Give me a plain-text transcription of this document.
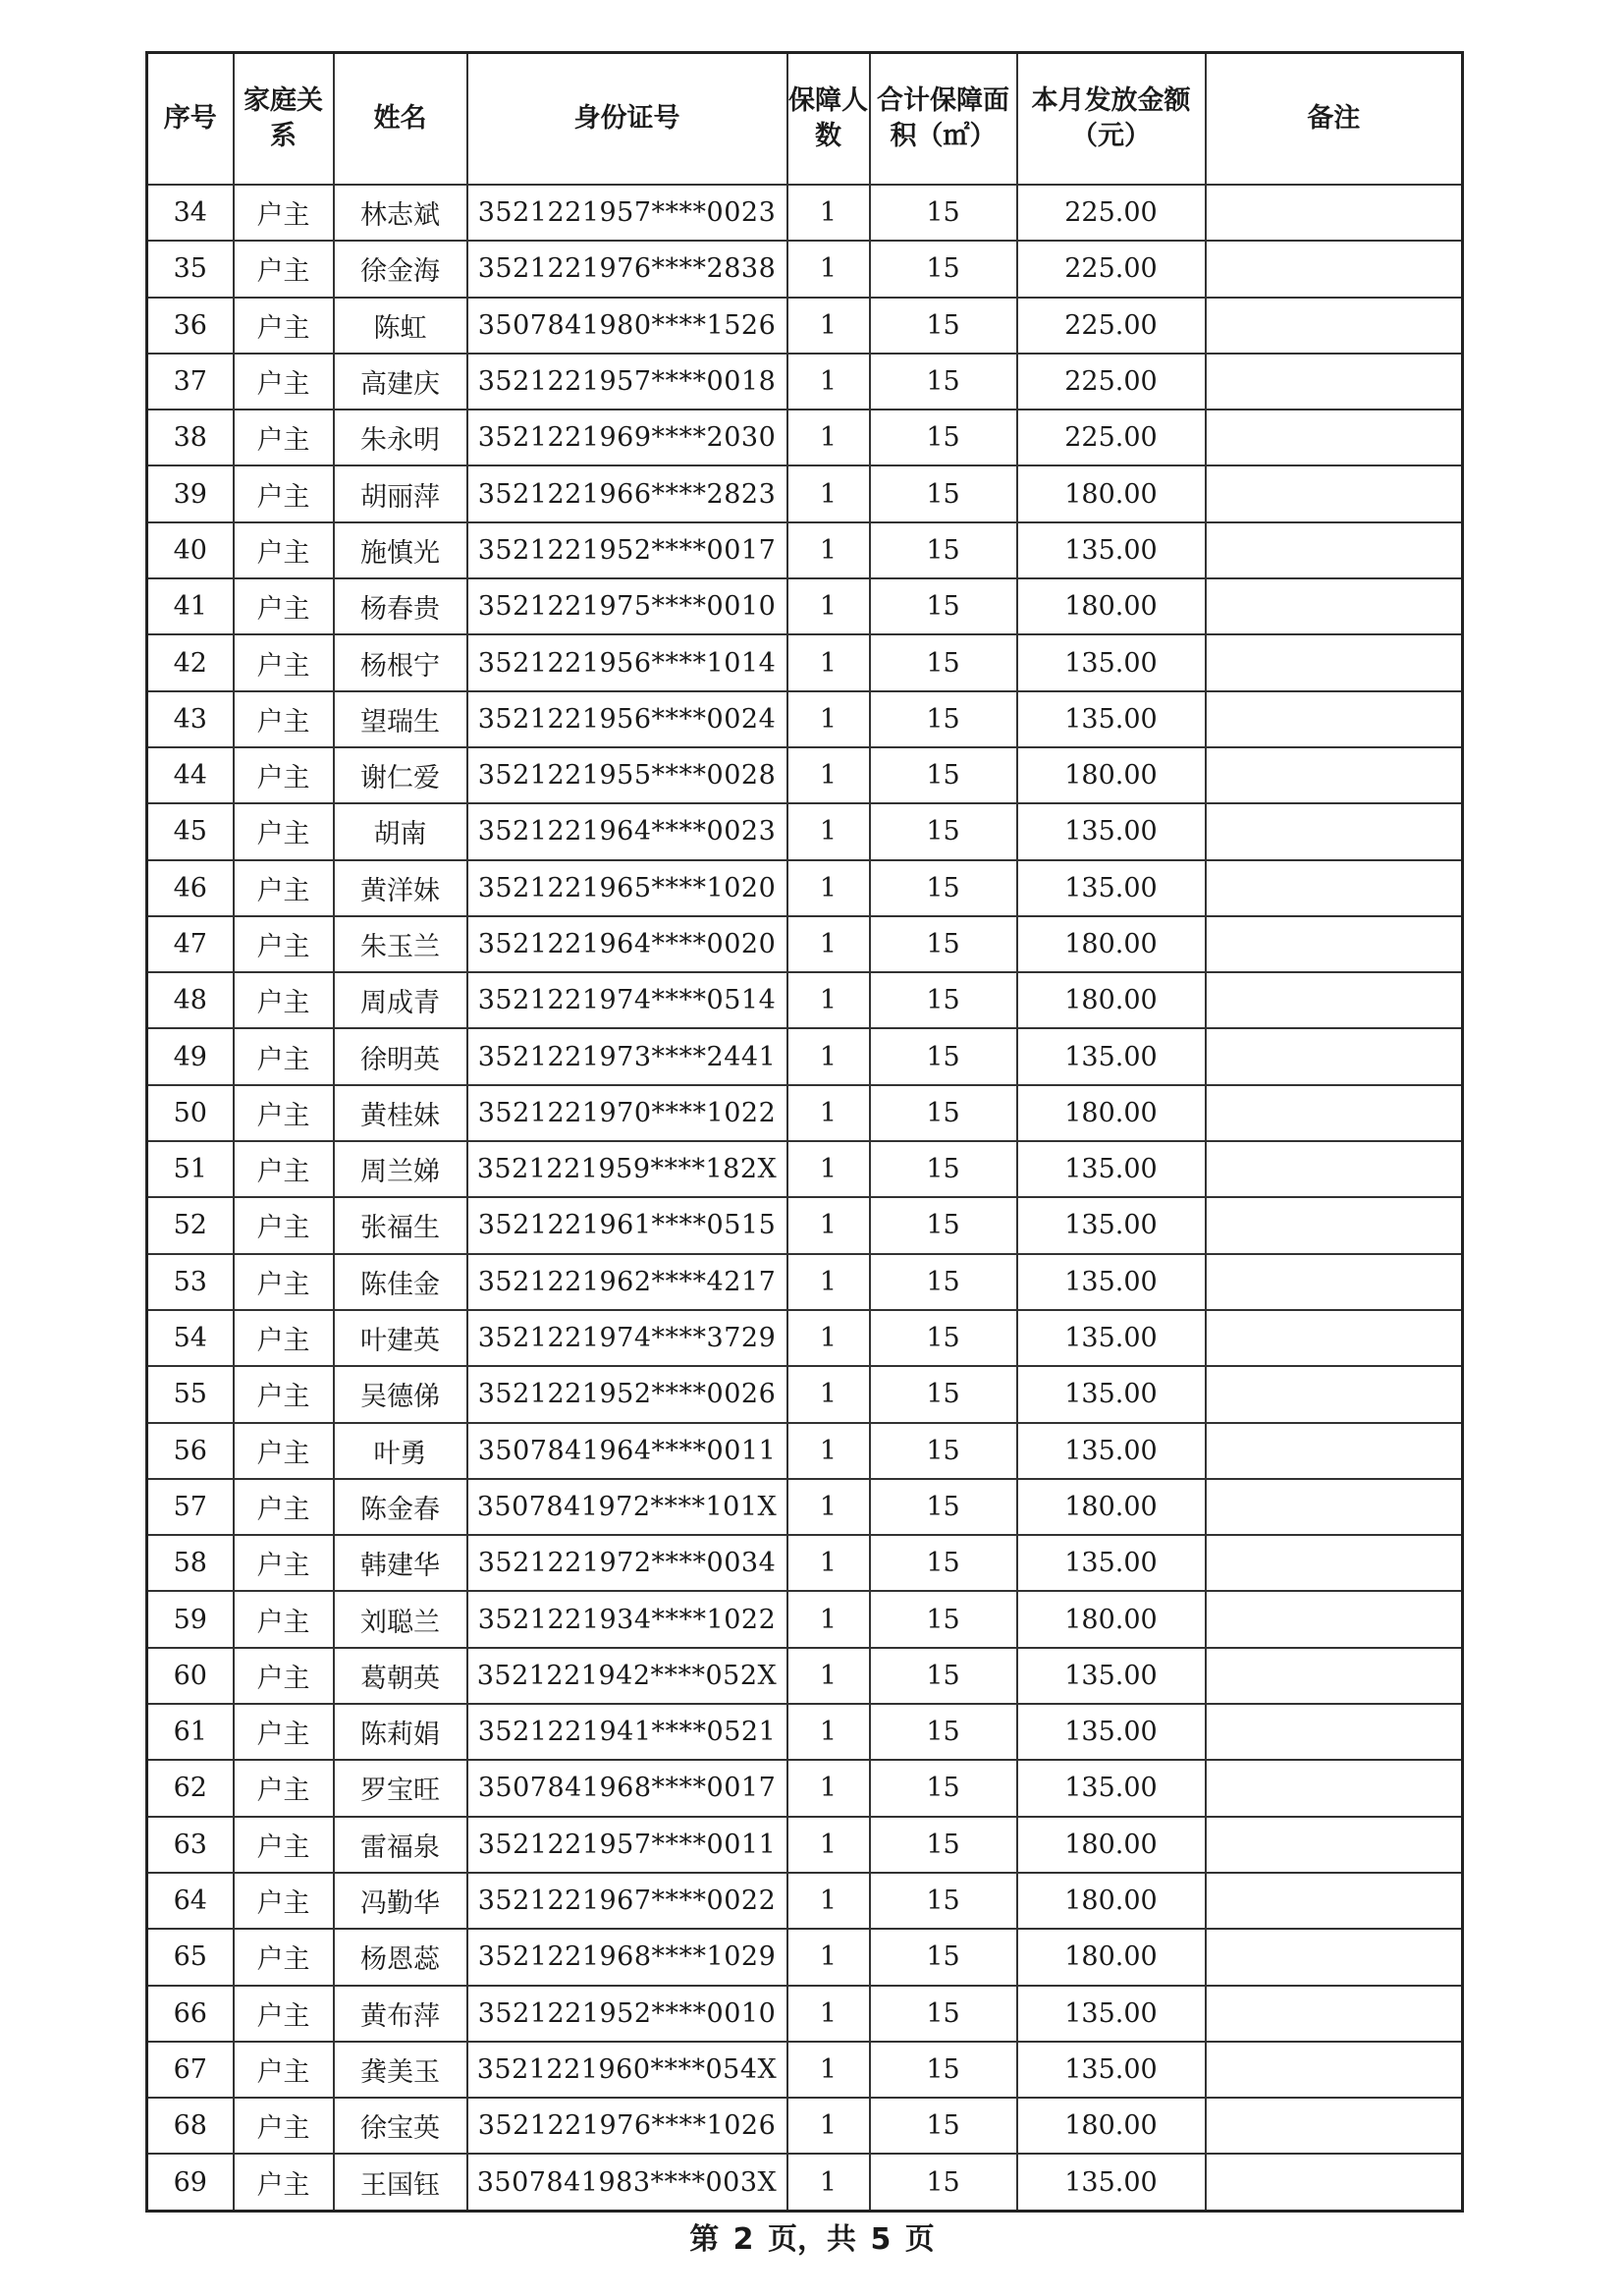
序号	家庭关系	姓名	身份证号	保障人数	合计保障面积（㎡）	本月发放金额（元）	备注
34	户主	林志斌	3521221957****0023	1	15	225.00	
35	户主	徐金海	3521221976****2838	1	15	225.00	
36	户主	陈虹	3507841980****1526	1	15	225.00	
37	户主	高建庆	3521221957****0018	1	15	225.00	
38	户主	朱永明	3521221969****2030	1	15	225.00	
39	户主	胡丽萍	3521221966****2823	1	15	180.00	
40	户主	施慎光	3521221952****0017	1	15	135.00	
41	户主	杨春贵	3521221975****0010	1	15	180.00	
42	户主	杨根宁	3521221956****1014	1	15	135.00	
43	户主	望瑞生	3521221956****0024	1	15	135.00	
44	户主	谢仁爱	3521221955****0028	1	15	180.00	
45	户主	胡南	3521221964****0023	1	15	135.00	
46	户主	黄洋妹	3521221965****1020	1	15	135.00	
47	户主	朱玉兰	3521221964****0020	1	15	180.00	
48	户主	周成青	3521221974****0514	1	15	180.00	
49	户主	徐明英	3521221973****2441	1	15	135.00	
50	户主	黄桂妹	3521221970****1022	1	15	180.00	
51	户主	周兰娣	3521221959****182X	1	15	135.00	
52	户主	张福生	3521221961****0515	1	15	135.00	
53	户主	陈佳金	3521221962****4217	1	15	135.00	
54	户主	叶建英	3521221974****3729	1	15	135.00	
55	户主	吴德俤	3521221952****0026	1	15	135.00	
56	户主	叶勇	3507841964****0011	1	15	135.00	
57	户主	陈金春	3507841972****101X	1	15	180.00	
58	户主	韩建华	3521221972****0034	1	15	135.00	
59	户主	刘聪兰	3521221934****1022	1	15	180.00	
60	户主	葛朝英	3521221942****052X	1	15	135.00	
61	户主	陈莉娟	3521221941****0521	1	15	135.00	
62	户主	罗宝旺	3507841968****0017	1	15	135.00	
63	户主	雷福泉	3521221957****0011	1	15	180.00	
64	户主	冯勤华	3521221967****0022	1	15	180.00	
65	户主	杨恩蕊	3521221968****1029	1	15	180.00	
66	户主	黄布萍	3521221952****0010	1	15	135.00	
67	户主	龚美玉	3521221960****054X	1	15	135.00	
68	户主	徐宝英	3521221976****1026	1	15	180.00	
69	户主	王国钰	3507841983****003X	1	15	135.00	
第 2 页，共 5 页
